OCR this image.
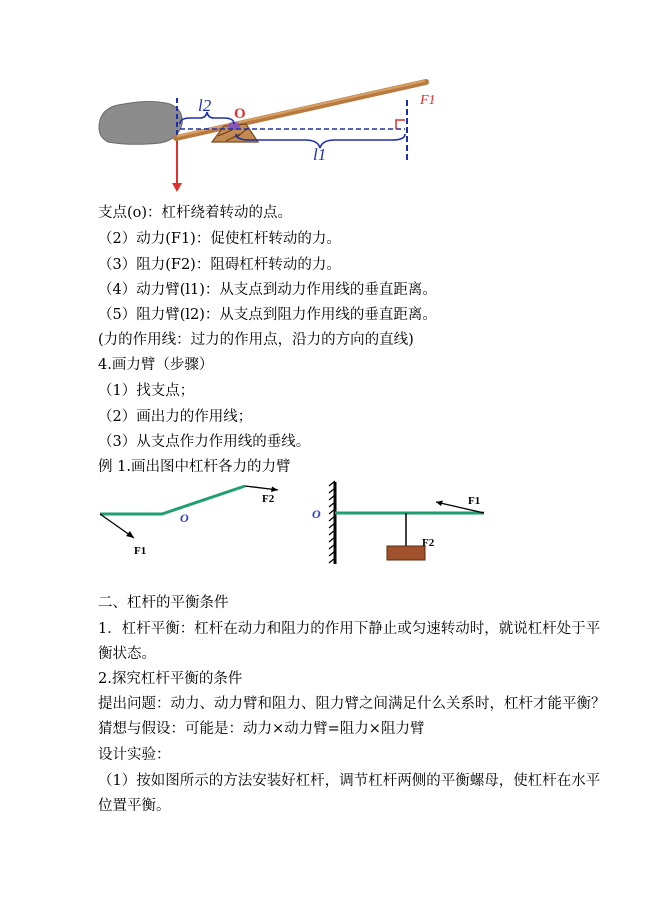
l2 O
l1
F1
支点(o)：杠杆绕着转动的点。
（2）动力(F1)：促使杠杆转动的力。
（3）阻力(F2)：阻碍杠杆转动的力。
（4）动力臂(l1)：从支点到动力作用线的垂直距离。
（5）阻力臂(l2)：从支点到阻力作用线的垂直距离。
(力的作用线：过力的作用点，沿力的方向的直线)
4.画力臂（步骤）
（1）找支点；
（2）画出力的作用线；
（3）从支点作力作用线的垂线。
例 1.画出图中杠杆各力的力臂
F2
F1
O	O
F1
F2
二、杠杆的平衡条件
1．杠杆平衡：杠杆在动力和阻力的作用下静止或匀速转动时，就说杠杆处于平
衡状态。
2.探究杠杆平衡的条件
提出问题：动力、动力臂和阻力、阻力臂之间满足什么关系时，杠杆才能平衡？
猜想与假设：可能是：动力×动力臂=阻力×阻力臂
设计实验：
（1）按如图所示的方法安装好杠杆，调节杠杆两侧的平衡螺母，使杠杆在水平
位置平衡。
